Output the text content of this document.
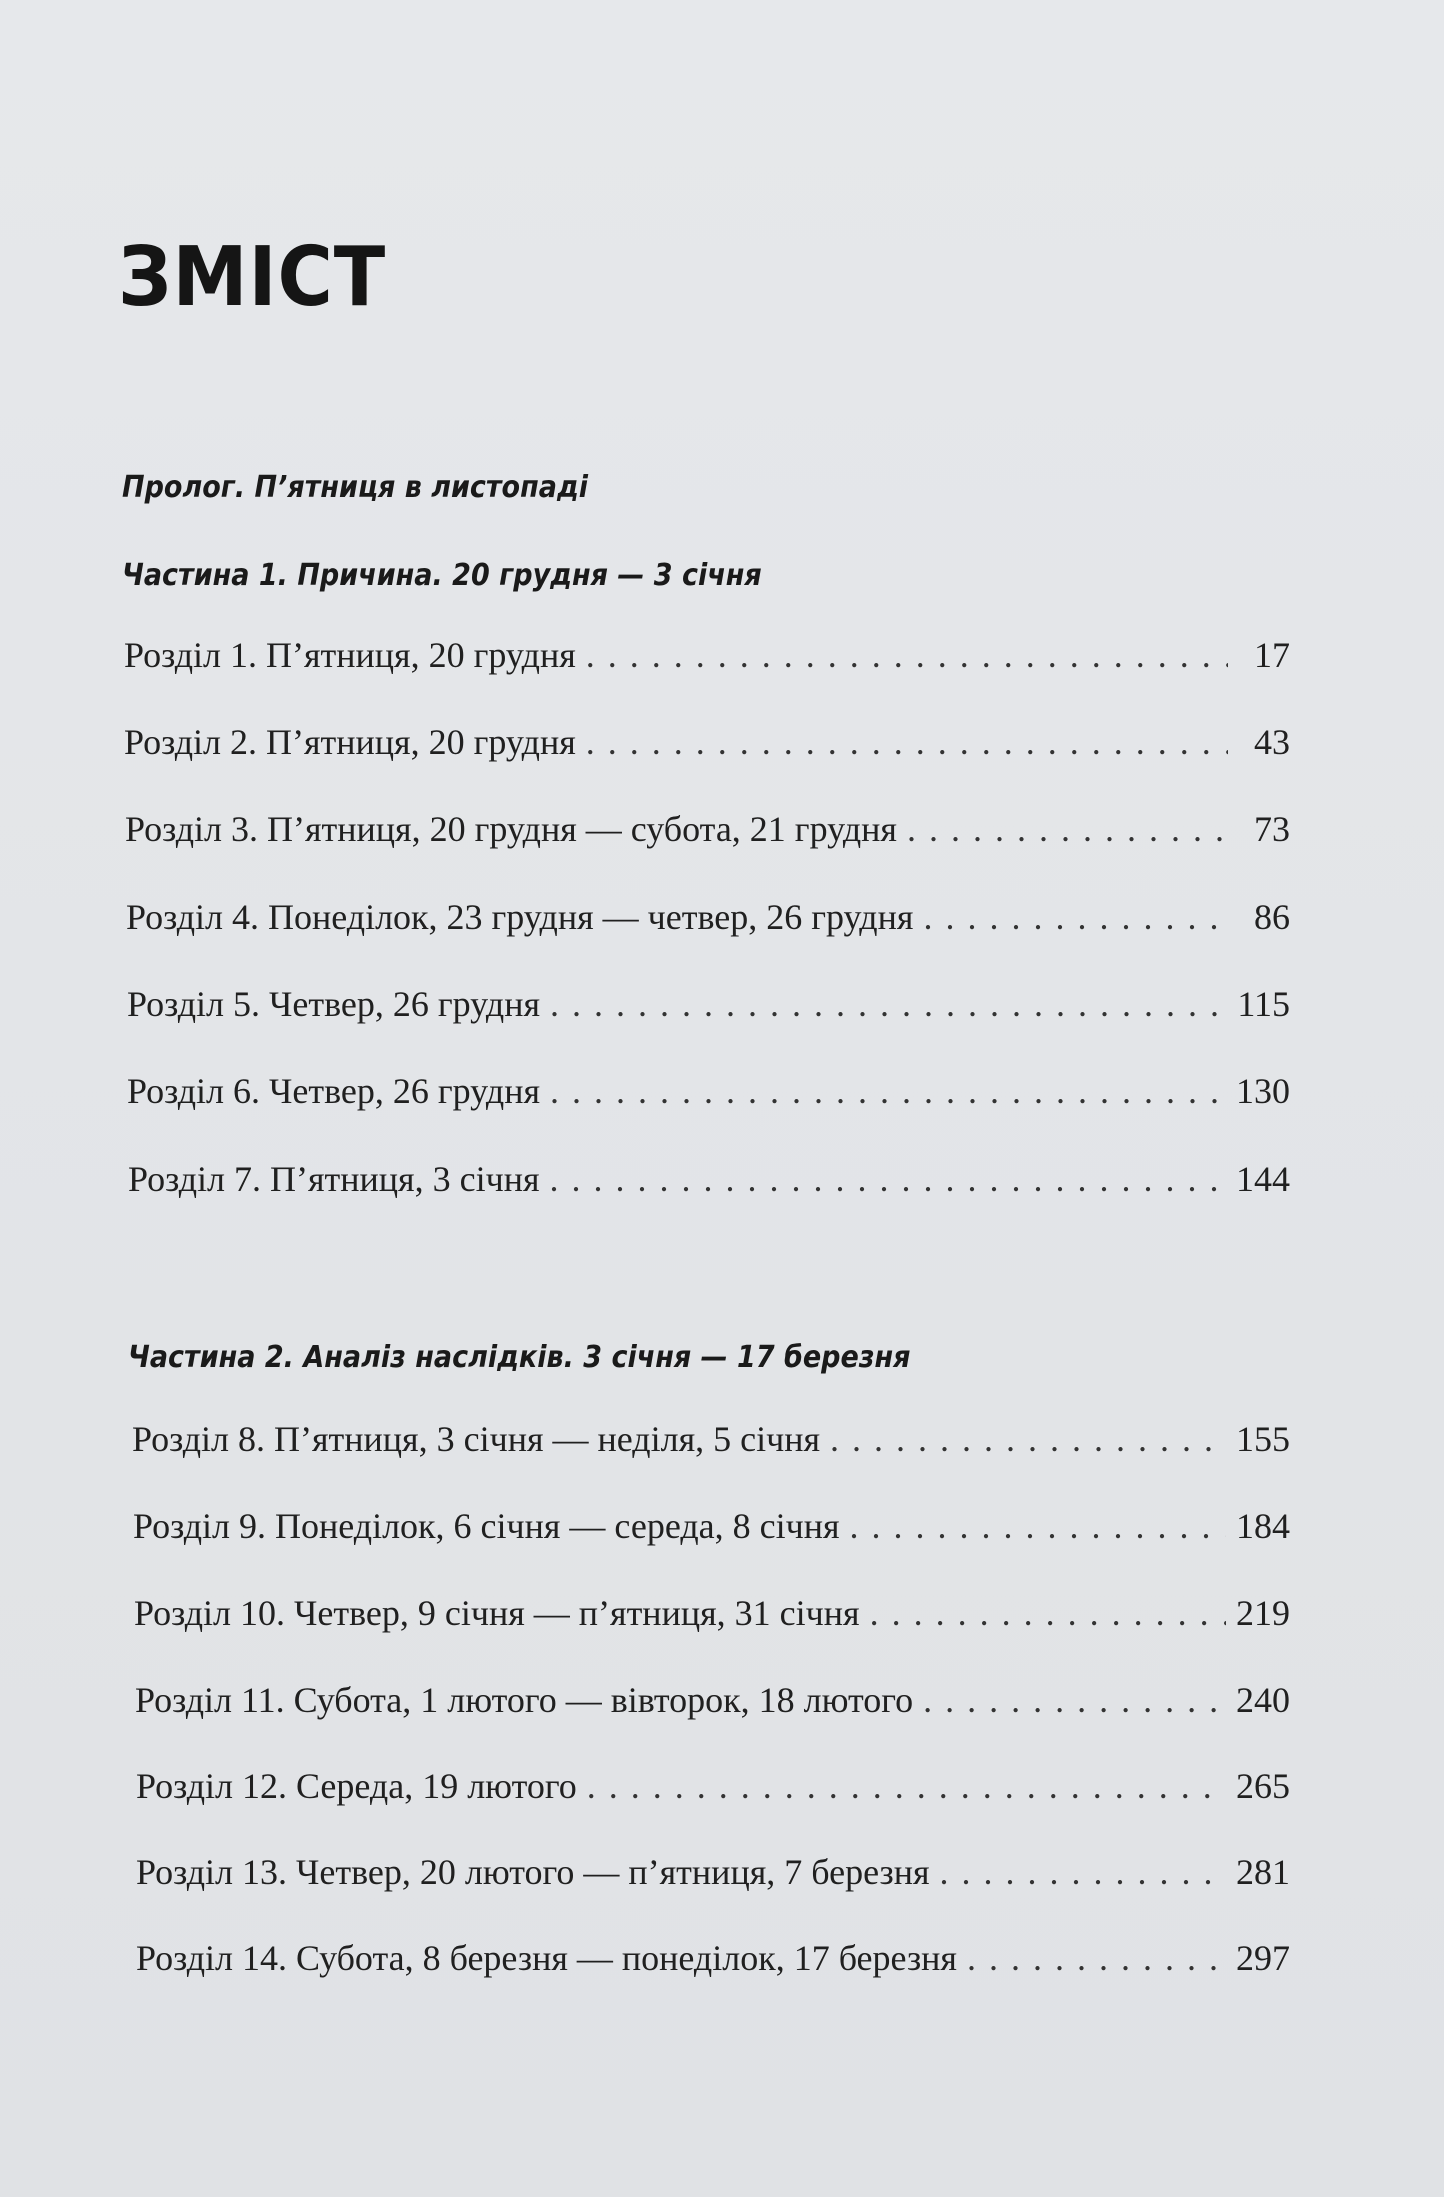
ЗМІСТ
Пролог. П’ятниця в листопаді
Частина 1. Причина. 20 грудня — 3 січня
Розділ 1. П’ятниця, 20 грудня . . .	17
Розділ 2. П’ятниця, 20 грудня . . .	43
Розділ 3. П’ятниця, 20 грудня — субота, 21 грудня . . .	73
Розділ 4. Понеділок, 23 грудня — четвер, 26 грудня . . .	86
Розділ 5. Четвер, 26 грудня . . .	115
Розділ 6. Четвер, 26 грудня . . .	130
Розділ 7. П’ятниця, 3 січня . . .	144
Частина 2. Аналіз наслідків. 3 січня — 17 березня
Розділ 8. П’ятниця, 3 січня — неділя, 5 січня . . .	155
Розділ 9. Понеділок, 6 січня — середа, 8 січня . . .	184
Розділ 10. Четвер, 9 січня — п’ятниця, 31 січня . . .	219
Розділ 11. Субота, 1 лютого — вівторок, 18 лютого . . .	240
Розділ 12. Середа, 19 лютого . . .	265
Розділ 13. Четвер, 20 лютого — п’ятниця, 7 березня . . .	281
Розділ 14. Субота, 8 березня — понеділок, 17 березня . . .	297
